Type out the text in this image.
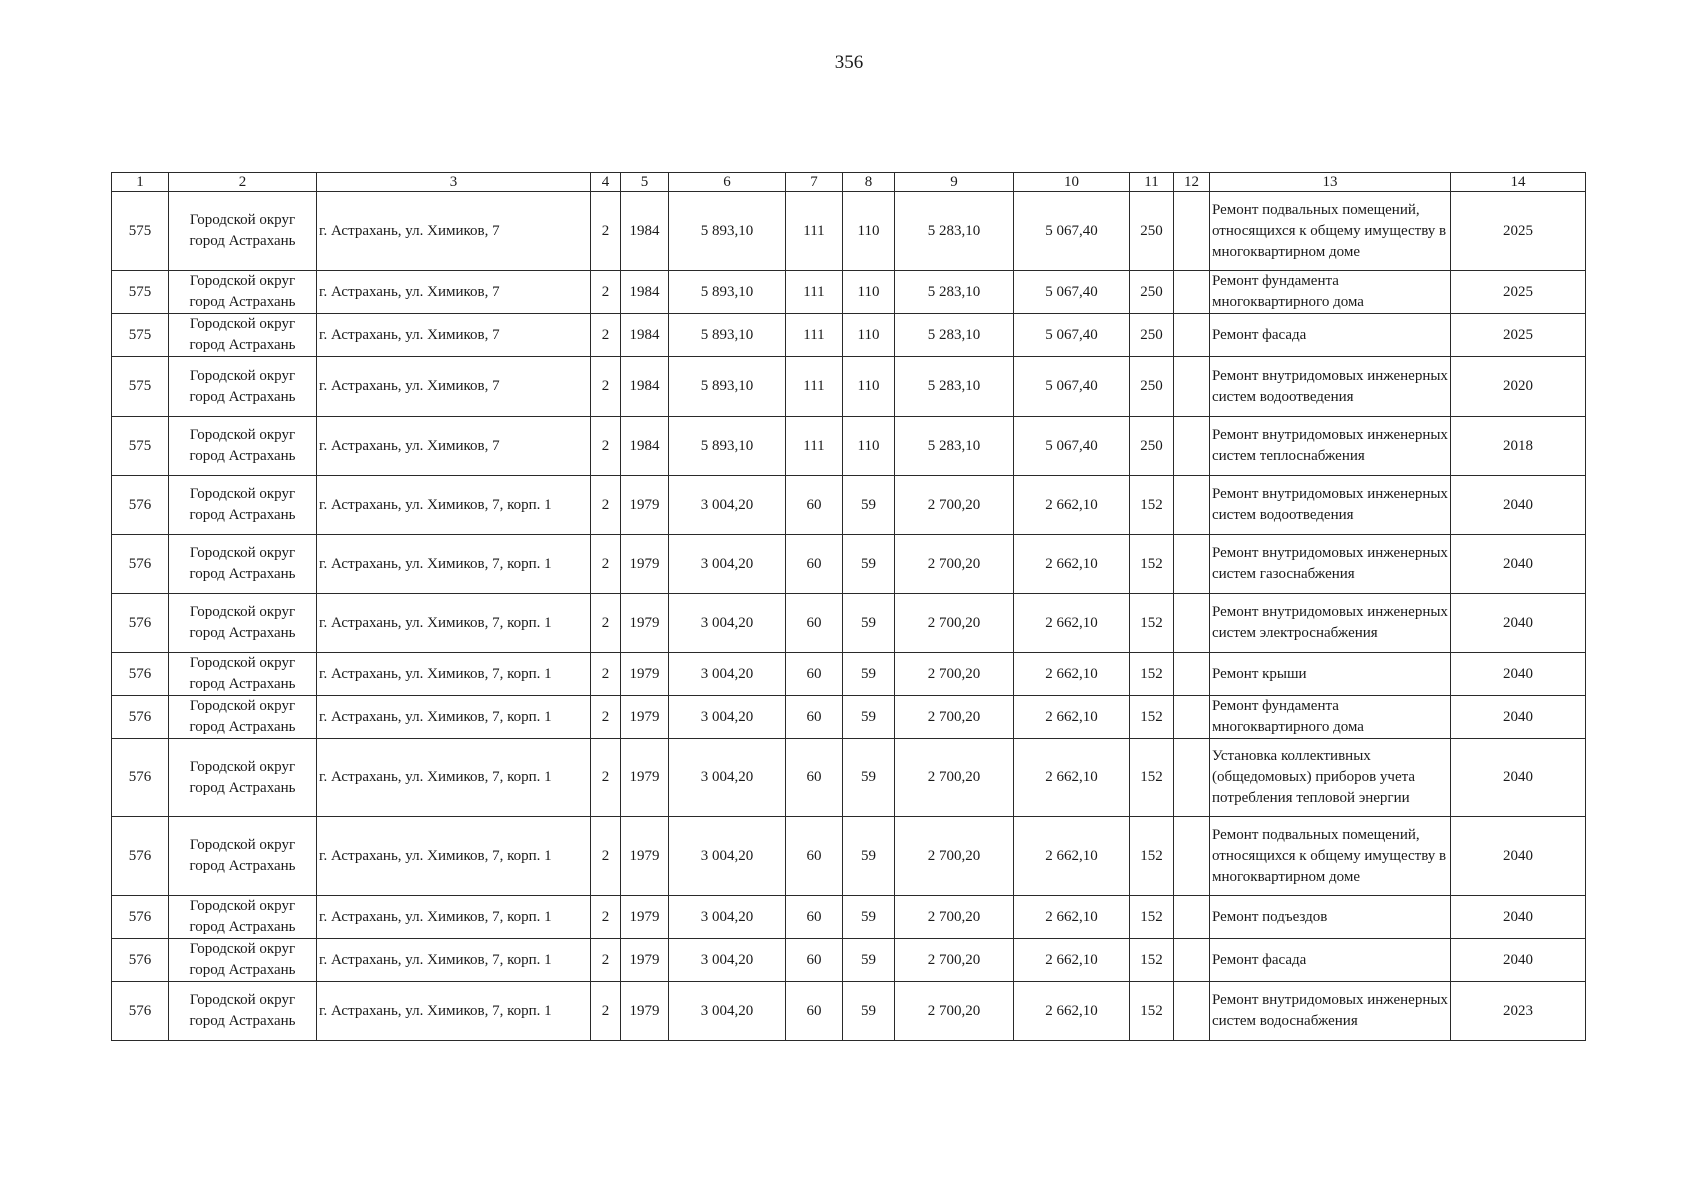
356
1	2	3	4	5	6	7	8	9	10	11	12	13	14
575	Городской округ город Астрахань	г. Астрахань, ул. Химиков, 7	2	1984	5 893,10	111	110	5 283,10	5 067,40	250		Ремонт подвальных помещений, относящихся к общему имуществу в многоквартирном доме	2025
575	Городской округ город Астрахань	г. Астрахань, ул. Химиков, 7	2	1984	5 893,10	111	110	5 283,10	5 067,40	250		Ремонт фундамента многоквартирного дома	2025
575	Городской округ город Астрахань	г. Астрахань, ул. Химиков, 7	2	1984	5 893,10	111	110	5 283,10	5 067,40	250		Ремонт фасада	2025
575	Городской округ город Астрахань	г. Астрахань, ул. Химиков, 7	2	1984	5 893,10	111	110	5 283,10	5 067,40	250		Ремонт внутридомовых инженерных систем водоотведения	2020
575	Городской округ город Астрахань	г. Астрахань, ул. Химиков, 7	2	1984	5 893,10	111	110	5 283,10	5 067,40	250		Ремонт внутридомовых инженерных систем теплоснабжения	2018
576	Городской округ город Астрахань	г. Астрахань, ул. Химиков, 7, корп. 1	2	1979	3 004,20	60	59	2 700,20	2 662,10	152		Ремонт внутридомовых инженерных систем водоотведения	2040
576	Городской округ город Астрахань	г. Астрахань, ул. Химиков, 7, корп. 1	2	1979	3 004,20	60	59	2 700,20	2 662,10	152		Ремонт внутридомовых инженерных систем газоснабжения	2040
576	Городской округ город Астрахань	г. Астрахань, ул. Химиков, 7, корп. 1	2	1979	3 004,20	60	59	2 700,20	2 662,10	152		Ремонт внутридомовых инженерных систем электроснабжения	2040
576	Городской округ город Астрахань	г. Астрахань, ул. Химиков, 7, корп. 1	2	1979	3 004,20	60	59	2 700,20	2 662,10	152		Ремонт крыши	2040
576	Городской округ город Астрахань	г. Астрахань, ул. Химиков, 7, корп. 1	2	1979	3 004,20	60	59	2 700,20	2 662,10	152		Ремонт фундамента многоквартирного дома	2040
576	Городской округ город Астрахань	г. Астрахань, ул. Химиков, 7, корп. 1	2	1979	3 004,20	60	59	2 700,20	2 662,10	152		Установка коллективных (общедомовых) приборов учета потребления тепловой энергии	2040
576	Городской округ город Астрахань	г. Астрахань, ул. Химиков, 7, корп. 1	2	1979	3 004,20	60	59	2 700,20	2 662,10	152		Ремонт подвальных помещений, относящихся к общему имуществу в многоквартирном доме	2040
576	Городской округ город Астрахань	г. Астрахань, ул. Химиков, 7, корп. 1	2	1979	3 004,20	60	59	2 700,20	2 662,10	152		Ремонт подъездов	2040
576	Городской округ город Астрахань	г. Астрахань, ул. Химиков, 7, корп. 1	2	1979	3 004,20	60	59	2 700,20	2 662,10	152		Ремонт фасада	2040
576	Городской округ город Астрахань	г. Астрахань, ул. Химиков, 7, корп. 1	2	1979	3 004,20	60	59	2 700,20	2 662,10	152		Ремонт внутридомовых инженерных систем водоснабжения	2023
